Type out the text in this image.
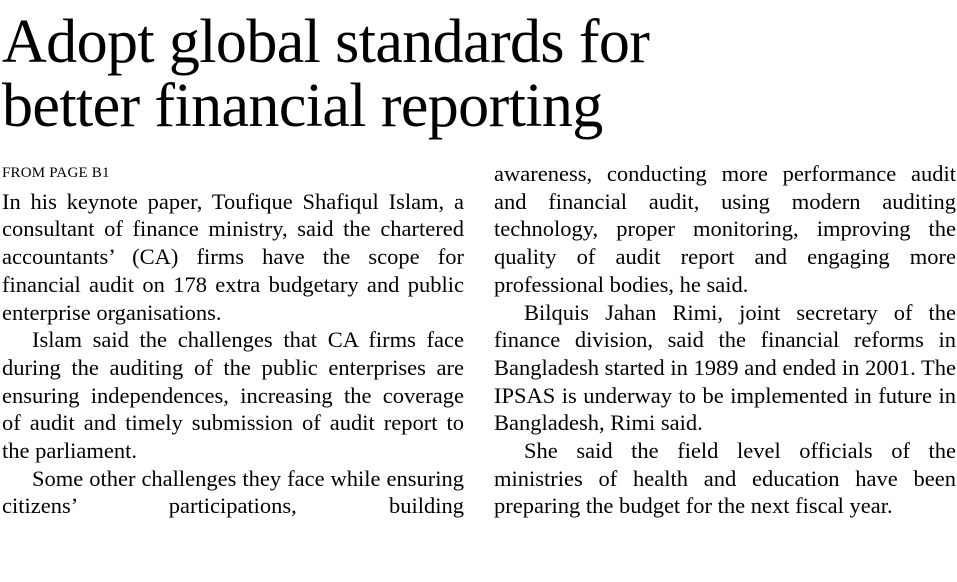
Adopt global standards for
better financial reporting
FROM PAGE B1

In his keynote paper, Toufique Shafiqul Islam, a consultant of finance ministry, said the chartered accountants’ (CA) firms have the scope for financial audit on 178 extra budgetary and public enterprise organisations.

Islam said the challenges that CA firms face during the auditing of the public enterprises are ensuring independences, increasing the coverage of audit and timely submission of audit report to the parliament.

Some other challenges they face while ensuring citizens’ participations, building

awareness, conducting more performance audit and financial audit, using modern auditing technology, proper monitoring, improving the quality of audit report and engaging more professional bodies, he said.

Bilquis Jahan Rimi, joint secretary of the finance division, said the financial reforms in Bangladesh started in 1989 and ended in 2001. The IPSAS is underway to be implemented in future in Bangladesh, Rimi said.

She said the field level officials of the ministries of health and education have been preparing the budget for the next fiscal year.
